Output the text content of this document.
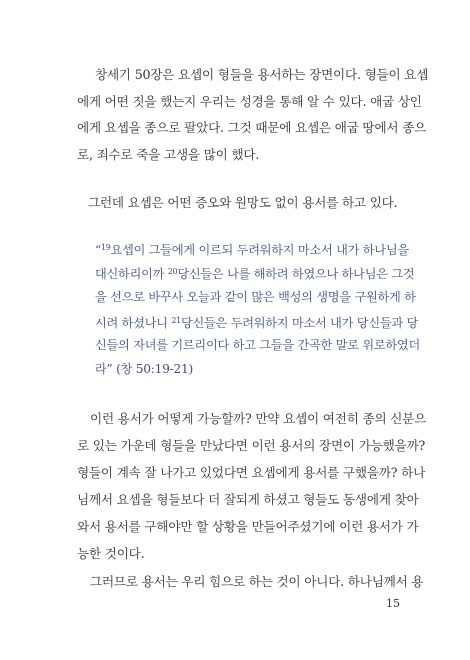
창세기 50장은 요셉이 형들을 용서하는 장면이다. 형들이 요셉
에게 어떤 짓을 했는지 우리는 성경을 통해 알 수 있다. 애굽 상인
에게 요셉을 종으로 팔았다. 그것 때문에 요셉은 애굽 땅에서 종으
로, 죄수로 죽을 고생을 많이 했다.
그런데 요셉은 어떤 증오와 원망도 없이 용서를 하고 있다.
“$^{19}$요셉이 그들에게 이르되 두려워하지 마소서 내가 하나님을
대신하리이까 $^{20}$당신들은 나를 해하려 하였으나 하나님은 그것
을 선으로 바꾸사 오늘과 같이 많은 백성의 생명을 구원하게 하
시려 하셨나니 $^{21}$당신들은 두려워하지 마소서 내가 당신들과 당
신들의 자녀를 기르리이다 하고 그들을 간곡한 말로 위로하였더
라” (창 50:19-21)
이런 용서가 어떻게 가능할까? 만약 요셉이 여전히 종의 신분으
로 있는 가운데 형들을 만났다면 이런 용서의 장면이 가능했을까?
형들이 계속 잘 나가고 있었다면 요셉에게 용서를 구했을까? 하나
님께서 요셉을 형들보다 더 잘되게 하셨고 형들도 동생에게 찾아
와서 용서를 구해야만 할 상황을 만들어주셨기에 이런 용서가 가
능한 것이다.
그러므로 용서는 우리 힘으로 하는 것이 아니다. 하나님께서 용
15
